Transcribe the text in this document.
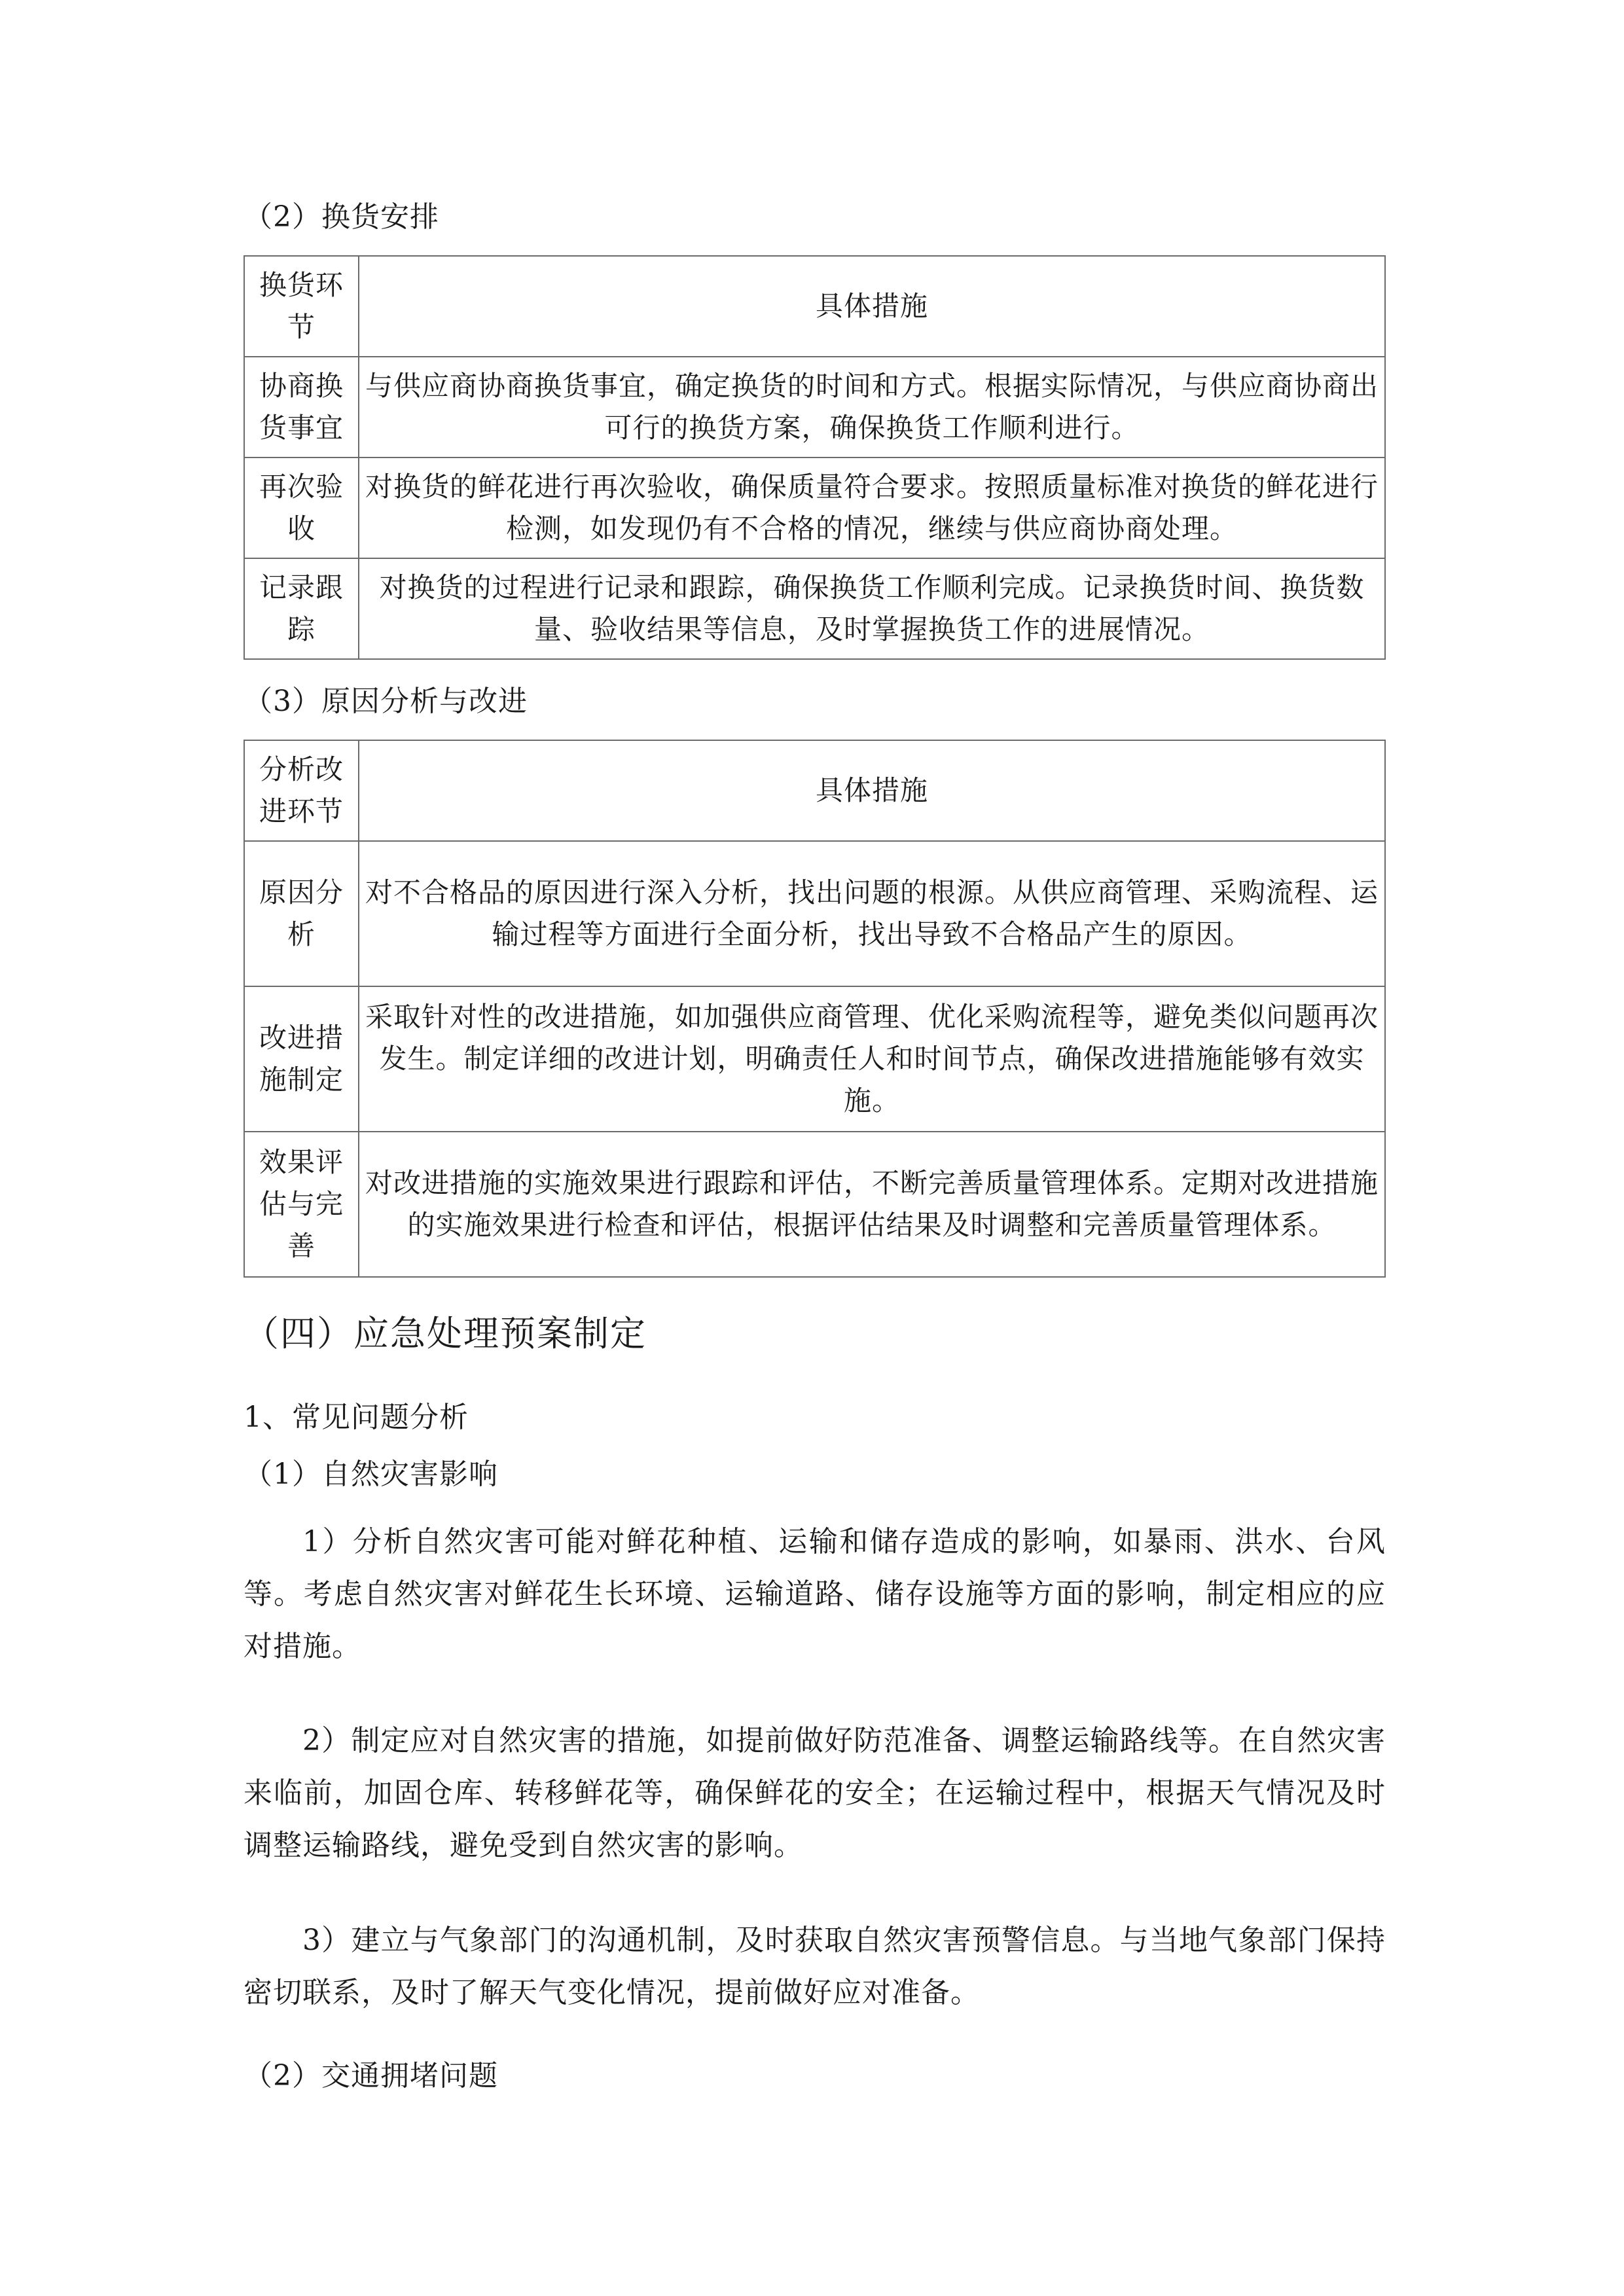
（2）换货安排
换货环节	具体措施
协商换货事宜	与供应商协商换货事宜，确定换货的时间和方式。根据实际情况，与供应商协商出可行的换货方案，确保换货工作顺利进行。
再次验收	对换货的鲜花进行再次验收，确保质量符合要求。按照质量标准对换货的鲜花进行检测，如发现仍有不合格的情况，继续与供应商协商处理。
记录跟踪	对换货的过程进行记录和跟踪，确保换货工作顺利完成。记录换货时间、换货数量、验收结果等信息，及时掌握换货工作的进展情况。
（3）原因分析与改进
分析改进环节	具体措施
原因分析	对不合格品的原因进行深入分析，找出问题的根源。从供应商管理、采购流程、运输过程等方面进行全面分析，找出导致不合格品产生的原因。
改进措施制定	采取针对性的改进措施，如加强供应商管理、优化采购流程等，避免类似问题再次发生。制定详细的改进计划，明确责任人和时间节点，确保改进措施能够有效实施。
效果评估与完善	对改进措施的实施效果进行跟踪和评估，不断完善质量管理体系。定期对改进措施的实施效果进行检查和评估，根据评估结果及时调整和完善质量管理体系。
（四）应急处理预案制定
1、常见问题分析
（1）自然灾害影响

1）分析自然灾害可能对鲜花种植、运输和储存造成的影响，如暴雨、洪水、台风等。考虑自然灾害对鲜花生长环境、运输道路、储存设施等方面的影响，制定相应的应对措施。

2）制定应对自然灾害的措施，如提前做好防范准备、调整运输路线等。在自然灾害来临前，加固仓库、转移鲜花等，确保鲜花的安全；在运输过程中，根据天气情况及时调整运输路线，避免受到自然灾害的影响。

3）建立与气象部门的沟通机制，及时获取自然灾害预警信息。与当地气象部门保持密切联系，及时了解天气变化情况，提前做好应对准备。

（2）交通拥堵问题
